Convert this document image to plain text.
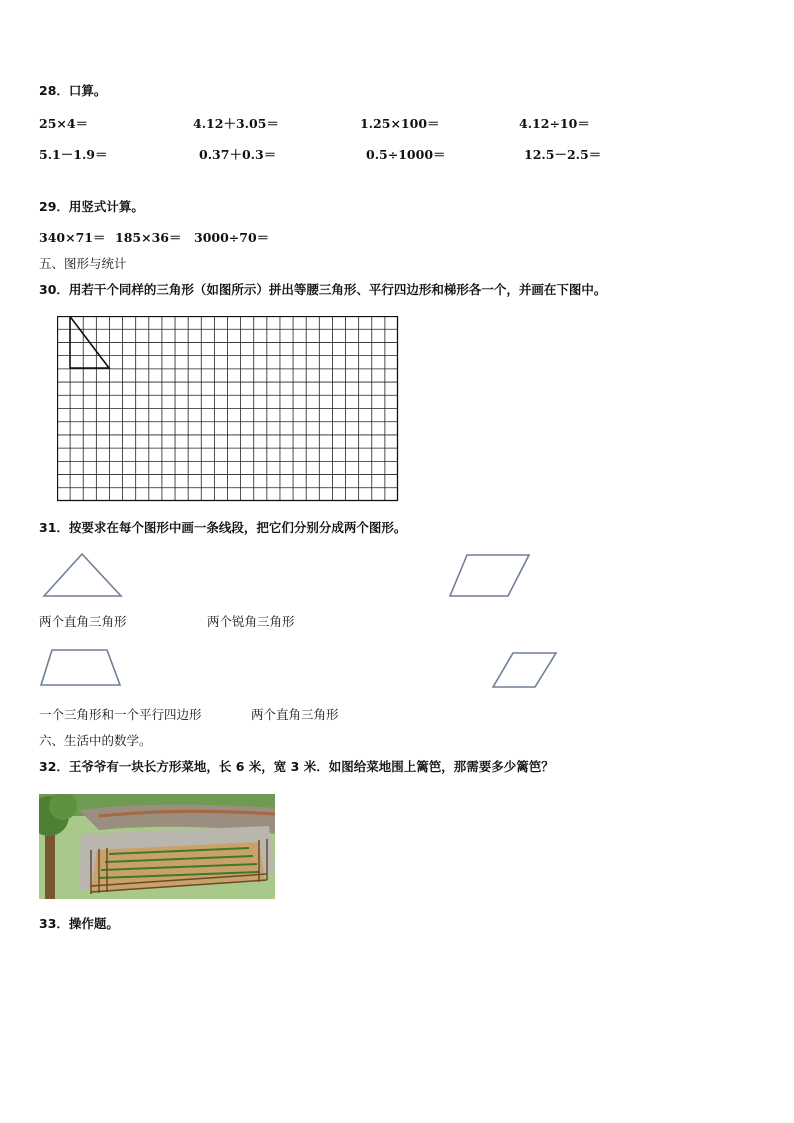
28．口算。
25×4＝	4.12＋3.05＝	1.25×100＝	4.12÷10＝
5.1－1.9＝	0.37＋0.3＝	0.5÷1000＝	12.5－2.5＝
29．用竖式计算。
340×71＝ 185×36＝ 3000÷70＝
五、图形与统计
30．用若干个同样的三角形（如图所示）拼出等腰三角形、平行四边形和梯形各一个，并画在下图中。
31．按要求在每个图形中画一条线段，把它们分别分成两个图形。
两个直角三角形	两个锐角三角形
一个三角形和一个平行四边形	两个直角三角形
六、生活中的数学。
32．王爷爷有一块长方形菜地，长 6 米，宽 3 米．如图给菜地围上篱笆，那需要多少篱笆？
33．操作题。
